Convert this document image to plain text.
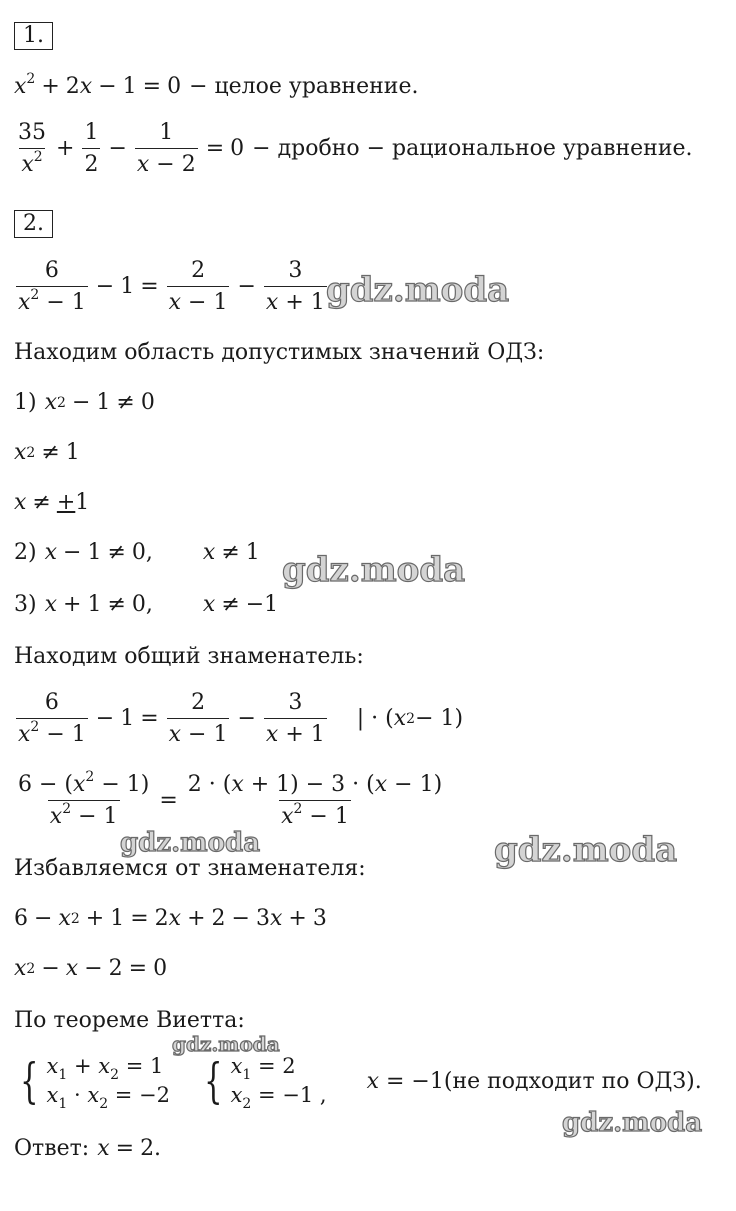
1.
$x^2 + 2x - 1 = 0$ − целое уравнение.
$\frac{35}{x^2} + \frac{1}{2} - \frac{1}{x - 2} = 0$ − дробно − рациональное уравнение.
2.
$\frac{6}{x^2 - 1} - 1 = \frac{2}{x - 1} - \frac{3}{x + 1}$
Находим область допустимых значений ОДЗ:
1) x 2 − 1 ≠ 0
x 2 ≠ 1
x ≠ + 1
2) x − 1 ≠ 0, x ≠ 1
3) x + 1 ≠ 0, x ≠ −1
Находим общий знаменатель:
$\frac{6}{x^2 - 1} - 1 = \frac{2}{x - 1} - \frac{3}{x + 1}$ | · ( x 2 − 1)
$\frac{6 - (x^2 - 1)}{x^2 - 1} = \frac{2 \cdot (x + 1) - 3 \cdot (x - 1)}{x^2 - 1}$
Избавляемся от знаменателя:
6 − x 2 + 1 = 2 x + 2 − 3 x + 3
x 2 − x − 2 = 0
По теореме Виетта:
{ $x_1 + x_2 = 1$
$x_1 \cdot x_2 = -2$ { $x_1 = 2$
$x_2 = -1$ ,
x = −1 (не подходит по ОДЗ).
Ответ: x = 2.
gdz.moda
gdz.moda
gdz.moda	gdz.moda
gdz.moda
gdz.moda
